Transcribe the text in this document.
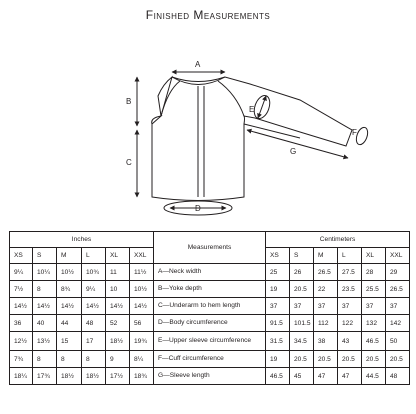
Finished Measurements
A
B
C
D
E
F
G
Inches						Measurements	Centimeters					
XS	S	M	L	XL	XXL		XS	S	M	L	XL	XXL
9¼	10¼	10½	10¾	11	11½	A—Neck width	25	26	26.5	27.5	28	29
7½	8	8¾	9¼	10	10½	B—Yoke depth	19	20.5	22	23.5	25.5	26.5
14½	14½	14½	14½	14½	14½	C—Underarm to hem length	37	37	37	37	37	37
36	40	44	48	52	56	D—Body circumference	91.5	101.5	112	122	132	142
12½	13½	15	17	18½	19¾	E—Upper sleeve circumference	31.5	34.5	38	43	46.5	50
7¾	8	8	8	9	8¼	F—Cuff circumference	19	20.5	20.5	20.5	20.5	20.5
18¼	17¾	18½	18½	17½	18¾	G—Sleeve length	46.5	45	47	47	44.5	48
